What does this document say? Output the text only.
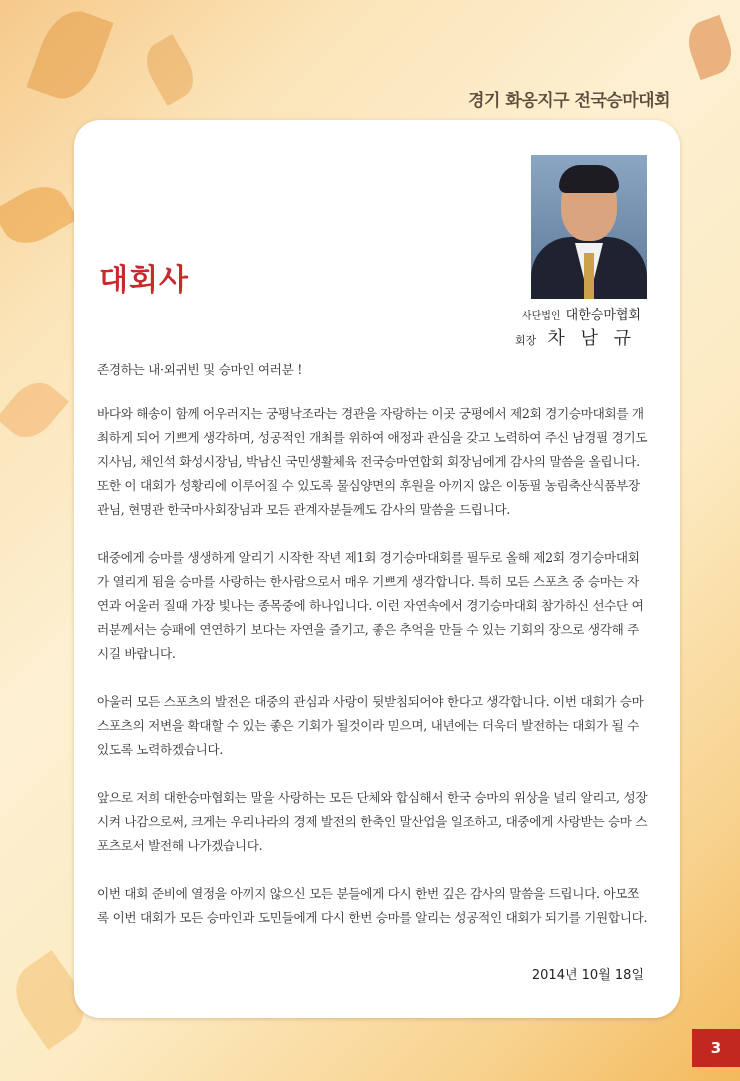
경기 화옹지구 전국승마대회
대회사
사단법인 대한승마협회
회장 차 남 규

존경하는 내·외귀빈 및 승마인 여러분 !

바다와 해송이 함께 어우러지는 궁평낙조라는 경관을 자랑하는 이곳 궁평에서 제2회 경기승마대회를 개최하게 되어 기쁘게 생각하며, 성공적인 개최를 위하여 애정과 관심을 갖고 노력하여 주신 남경필 경기도지사님, 채인석 화성시장님, 박남신 국민생활체육 전국승마연합회 회장님에게 감사의 말씀을 올립니다.
또한 이 대회가 성황리에 이루어질 수 있도록 물심양면의 후원을 아끼지 않은 이동필 농림축산식품부장관님, 현명관 한국마사회장님과 모든 관계자분들께도 감사의 말씀을 드립니다.

대중에게 승마를 생생하게 알리기 시작한 작년 제1회 경기승마대회를 필두로 올해 제2회 경기승마대회가 열리게 됨을 승마를 사랑하는 한사람으로서 매우 기쁘게 생각합니다. 특히 모든 스포츠 중 승마는 자연과 어울러 질때 가장 빛나는 종목중에 하나입니다. 이런 자연속에서 경기승마대회 참가하신 선수단 여러분께서는 승패에 연연하기 보다는 자연을 즐기고, 좋은 추억을 만들 수 있는 기회의 장으로 생각해 주시길 바랍니다.

아울러 모든 스포츠의 발전은 대중의 관심과 사랑이 뒷받침되어야 한다고 생각합니다. 이번 대회가 승마 스포츠의 저변을 확대할 수 있는 좋은 기회가 될것이라 믿으며, 내년에는 더욱더 발전하는 대회가 될 수 있도록 노력하겠습니다.

앞으로 저희 대한승마협회는 말을 사랑하는 모든 단체와 합심해서 한국 승마의 위상을 널리 알리고, 성장시켜 나감으로써, 크게는 우리나라의 경제 발전의 한축인 말산업을 일조하고, 대중에게 사랑받는 승마 스포츠로서 발전해 나가겠습니다.

이번 대회 준비에 열정을 아끼지 않으신 모든 분들에게 다시 한번 깊은 감사의 말씀을 드립니다. 아모쪼록 이번 대회가 모든 승마인과 도민들에게 다시 한번 승마를 알리는 성공적인 대회가 되기를 기원합니다.

2014년 10월 18일
3
